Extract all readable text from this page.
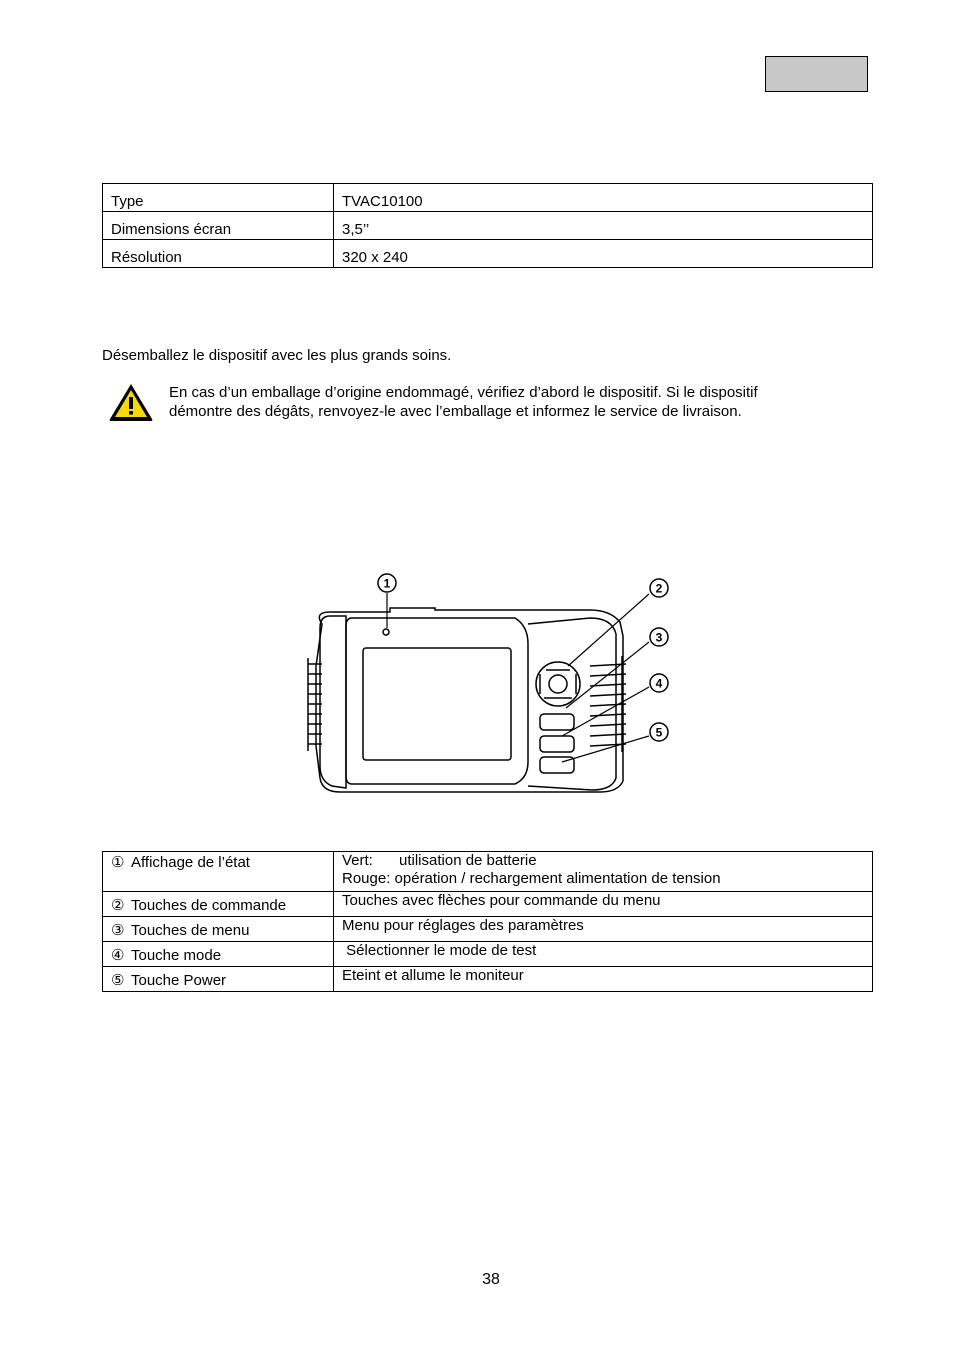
Type	TVAC10100
Dimensions écran	3,5’’
Résolution	320 x 240
Désemballez le dispositif avec les plus grands soins.
En cas d’un emballage d’origine endommagé, vérifiez d’abord le dispositif. Si le dispositif
démontre des dégâts, renvoyez-le avec l’emballage et informez le service de livraison.
1	2
3
4
5
① Affichage de l’état	Vert: utilisation de batterie
Rouge: opération / rechargement alimentation de tension

② Touches de commande	Touches avec flèches pour commande du menu
③ Touches de menu	Menu pour réglages des paramètres
④ Touche mode	Sélectionner le mode de test
⑤ Touche Power	Eteint et allume le moniteur
38
